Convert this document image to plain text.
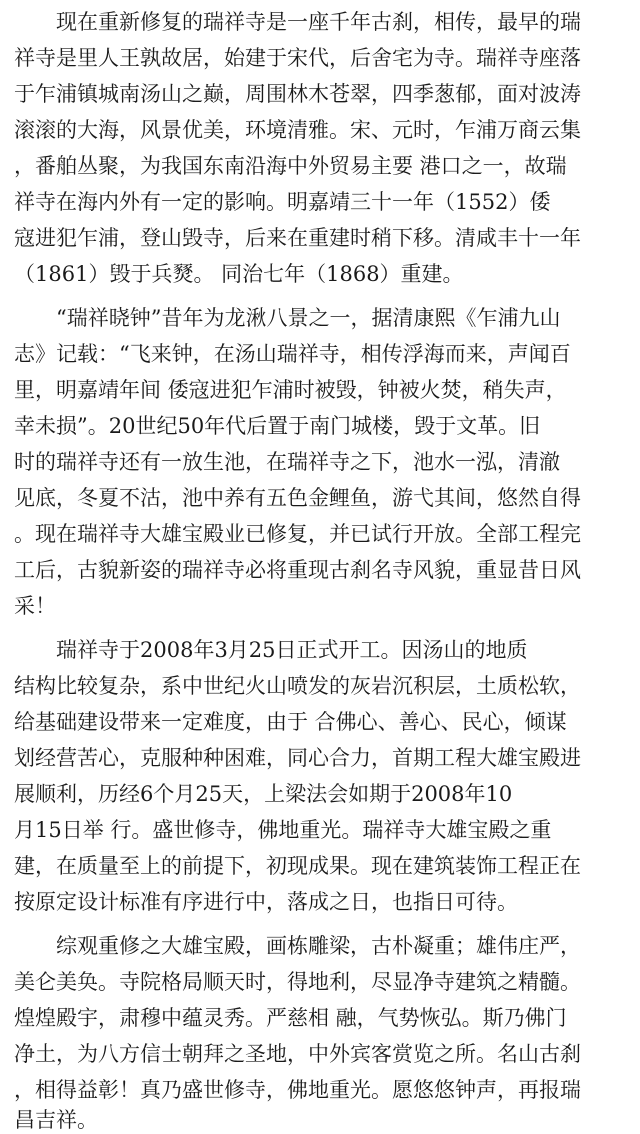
现在重新修复的瑞祥寺是一座千年古刹，相传，最早的瑞
祥寺是里人王孰故居，始建于宋代，后舍宅为寺。瑞祥寺座落
于乍浦镇城南汤山之巅，周围林木苍翠，四季葱郁，面对波涛
滚滚的大海，风景优美，环境清雅。宋、元时，乍浦万商云集
，番舶丛聚，为我国东南沿海中外贸易主要 港口之一，故瑞
祥寺在海内外有一定的影响。明嘉靖三十一年（1552）倭
寇进犯乍浦，登山毁寺，后来在重建时稍下移。清咸丰十一年
（1861）毁于兵燹。 同治七年（1868）重建。
“瑞祥晓钟”昔年为龙湫八景之一，据清康熙《乍浦九山
志》记载：“飞来钟，在汤山瑞祥寺，相传浮海而来，声闻百
里，明嘉靖年间 倭寇进犯乍浦时被毁，钟被火焚，稍失声，
幸未损”。20世纪50年代后置于南门城楼，毁于文革。旧
时的瑞祥寺还有一放生池，在瑞祥寺之下，池水一泓，清澈
见底，冬夏不沽，池中养有五色金鲤鱼，游弋其间，悠然自得
。现在瑞祥寺大雄宝殿业已修复，并已试行开放。全部工程完
工后，古貌新姿的瑞祥寺必将重现古刹名寺风貌，重显昔日风
采！
瑞祥寺于2008年3月25日正式开工。因汤山的地质
结构比较复杂，系中世纪火山喷发的灰岩沉积层，土质松软，
给基础建设带来一定难度，由于 合佛心、善心、民心，倾谋
划经营苦心，克服种种困难，同心合力，首期工程大雄宝殿进
展顺利，历经6个月25天，上梁法会如期于2008年10
月15日举 行。盛世修寺，佛地重光。瑞祥寺大雄宝殿之重
建，在质量至上的前提下，初现成果。现在建筑装饰工程正在
按原定设计标准有序进行中，落成之日，也指日可待。
综观重修之大雄宝殿，画栋雕梁，古朴凝重；雄伟庄严，
美仑美奂。寺院格局顺天时，得地利，尽显净寺建筑之精髓。
煌煌殿宇，肃穆中蕴灵秀。严慈相 融，气势恢弘。斯乃佛门
净土，为八方信士朝拜之圣地，中外宾客赏览之所。名山古刹
，相得益彰！真乃盛世修寺，佛地重光。愿悠悠钟声，再报瑞
昌吉祥。
